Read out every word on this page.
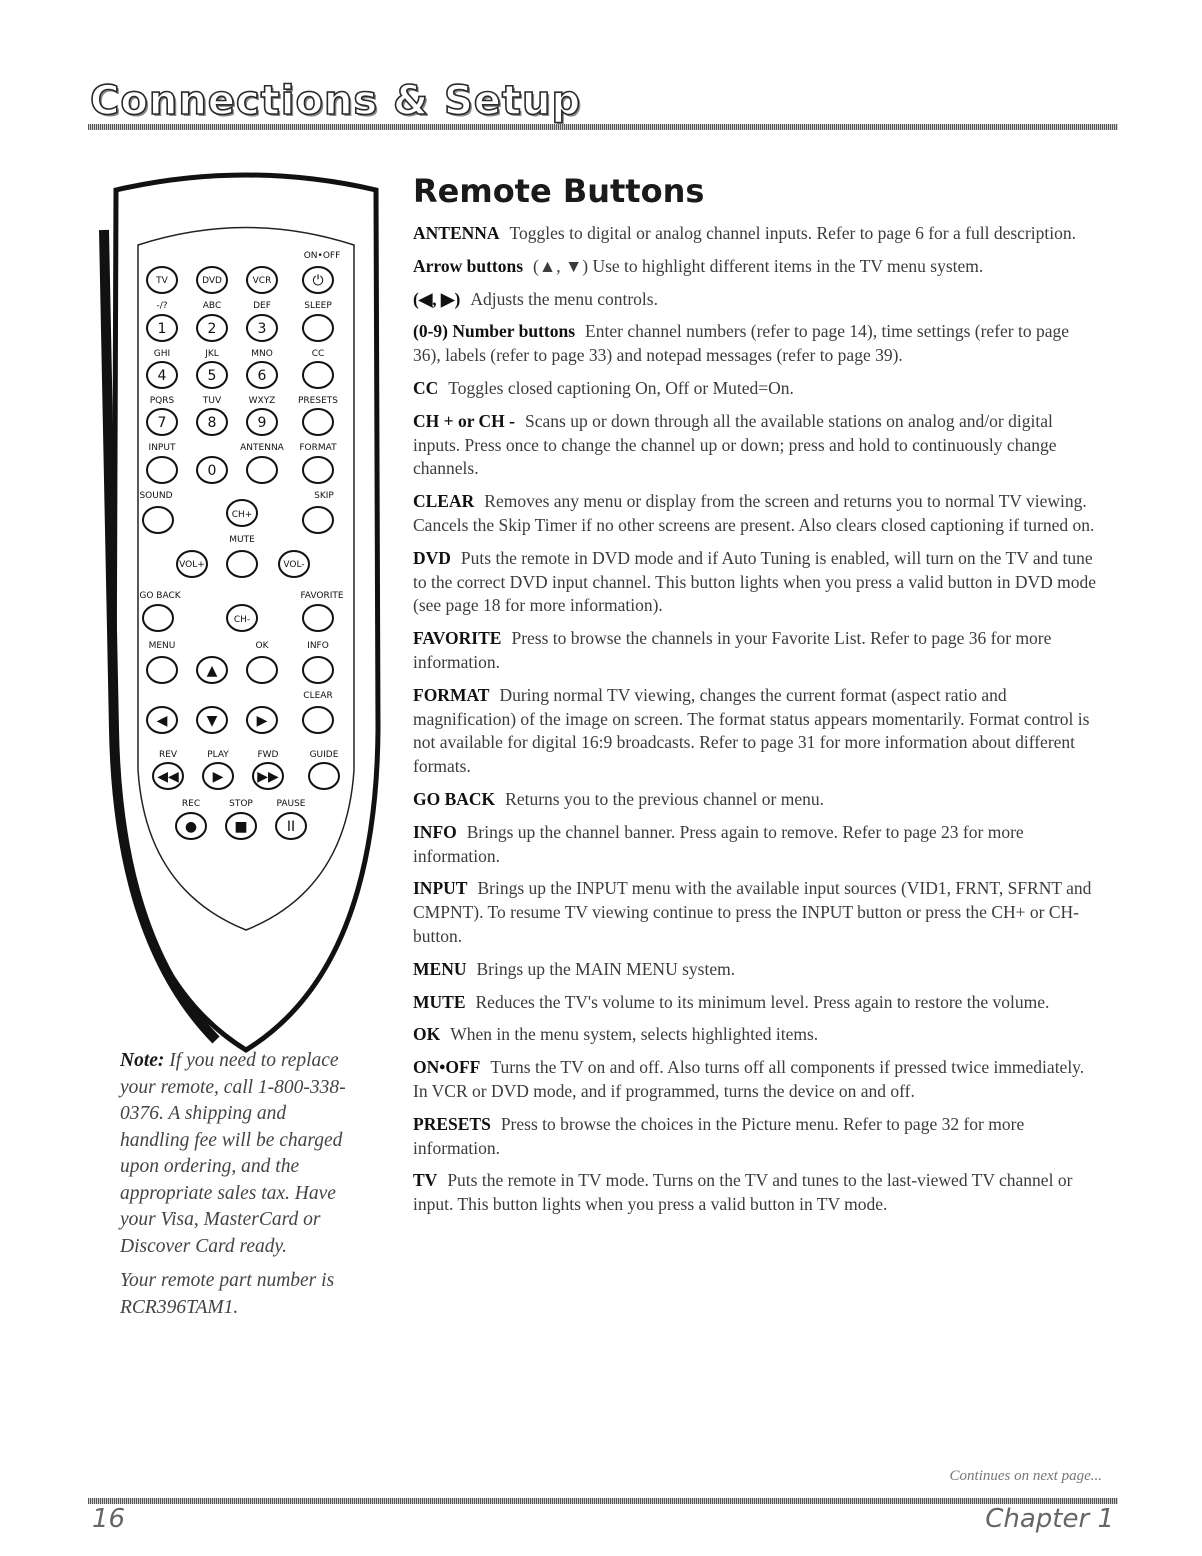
Connections & Setup
ON•OFF
TV	DVD	VCR	⏻
-/?	ABC	DEF	SLEEP
1	2	3
GHI	JKL	MNO	CC
4	5	6
PQRS	TUV	WXYZ	PRESETS
7	8	9
INPUT	ANTENNA FORMAT
0
SOUND	SKIP
CH+
MUTE
VOL+	VOL-
GO BACK	FAVORITE
CH-
MENU	OK	INFO
▲
CLEAR
◀	▼	▶
REV	PLAY	FWD	GUIDE
◀◀ ▶ ▶▶
REC	STOP	PAUSE
●	■	II

Note: If you need to replace your remote, call 1-800-338-0376. A shipping and handling fee will be charged upon ordering, and the appropriate sales tax. Have your Visa, MasterCard or Discover Card ready.

Your remote part number is RCR396TAM1.

Remote Buttons

ANTENNA Toggles to digital or analog channel inputs. Refer to page 6 for a full description.

Arrow buttons (▲, ▼) Use to highlight different items in the TV menu system.

(◀, ▶) Adjusts the menu controls.

(0-9) Number buttons Enter channel numbers (refer to page 14), time settings (refer to page 36), labels (refer to page 33) and notepad messages (refer to page 39).

CC Toggles closed captioning On, Off or Muted=On.

CH + or CH - Scans up or down through all the available stations on analog and/or digital inputs. Press once to change the channel up or down; press and hold to continuously change channels.

CLEAR Removes any menu or display from the screen and returns you to normal TV viewing. Cancels the Skip Timer if no other screens are present. Also clears closed captioning if turned on.

DVD Puts the remote in DVD mode and if Auto Tuning is enabled, will turn on the TV and tune to the correct DVD input channel. This button lights when you press a valid button in DVD mode (see page 18 for more information).

FAVORITE Press to browse the channels in your Favorite List. Refer to page 36 for more information.

FORMAT During normal TV viewing, changes the current format (aspect ratio and magnification) of the image on screen. The format status appears momentarily. Format control is not available for digital 16:9 broadcasts. Refer to page 31 for more information about different formats.

GO BACK Returns you to the previous channel or menu.

INFO Brings up the channel banner. Press again to remove. Refer to page 23 for more information.

INPUT Brings up the INPUT menu with the available input sources (VID1, FRNT, SFRNT and CMPNT). To resume TV viewing continue to press the INPUT button or press the CH+ or CH- button.

MENU Brings up the MAIN MENU system.

MUTE Reduces the TV's volume to its minimum level. Press again to restore the volume.

OK When in the menu system, selects highlighted items.

ON•OFF Turns the TV on and off. Also turns off all components if pressed twice immediately. In VCR or DVD mode, and if programmed, turns the device on and off.

PRESETS Press to browse the choices in the Picture menu. Refer to page 32 for more information.

TV Puts the remote in TV mode. Turns on the TV and tunes to the last-viewed TV channel or input. This button lights when you press a valid button in TV mode.

Continues on next page...
16	Chapter 1
